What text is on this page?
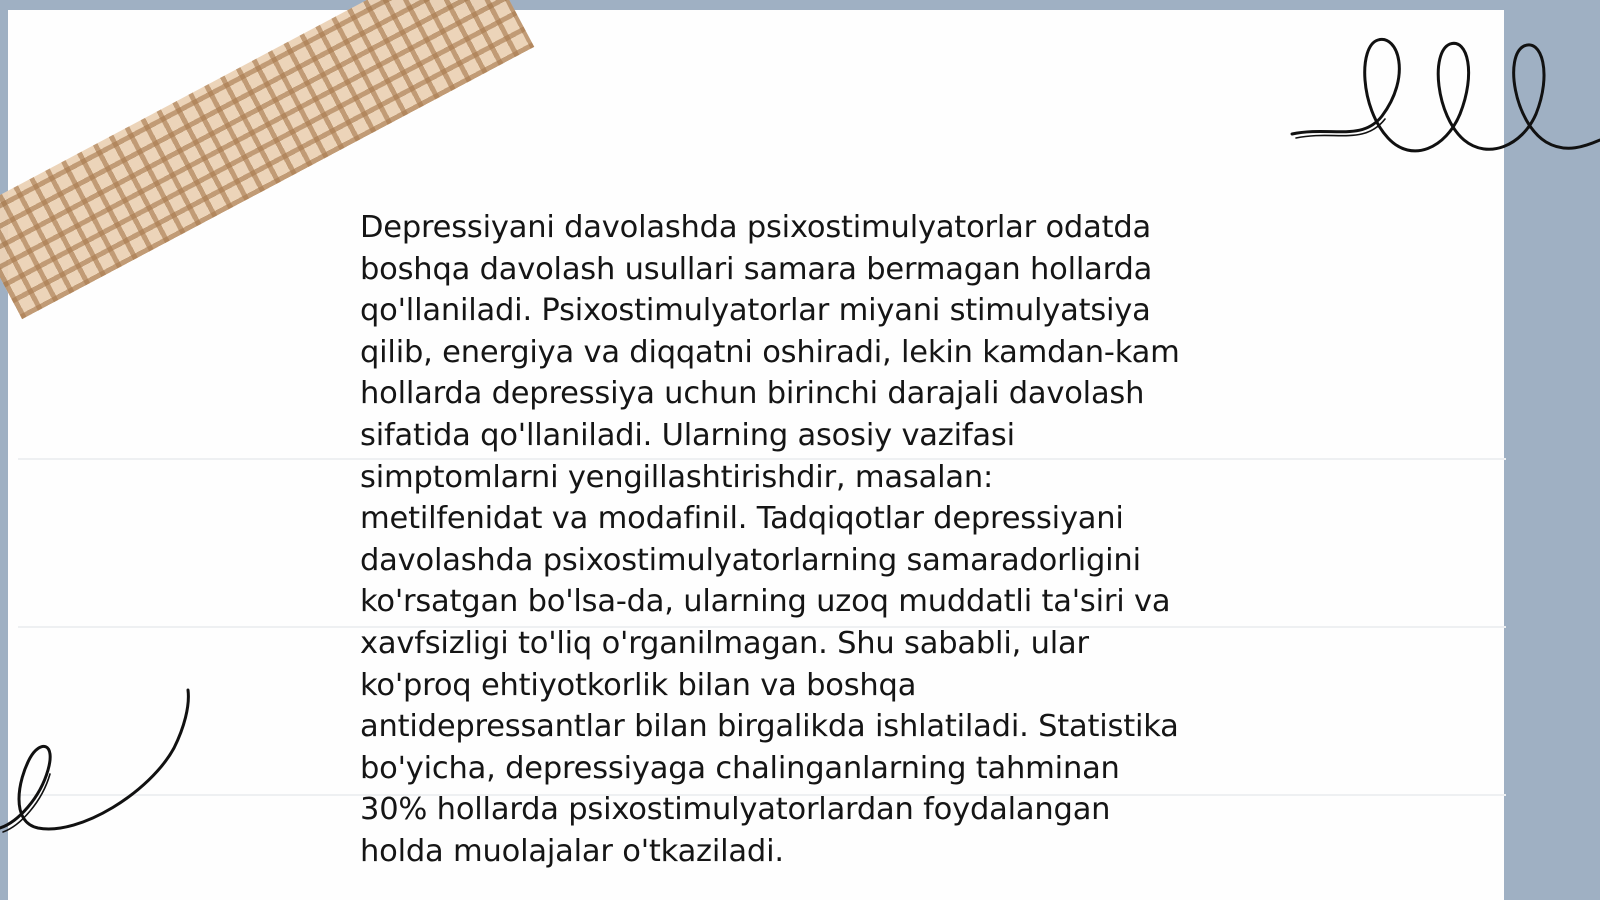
Depressiyani davolashda psixostimulyatorlar odatda
boshqa davolash usullari samara bermagan hollarda
qo'llaniladi. Psixostimulyatorlar miyani stimulyatsiya
qilib, energiya va diqqatni oshiradi, lekin kamdan-kam
hollarda depressiya uchun birinchi darajali davolash
sifatida qo'llaniladi. Ularning asosiy vazifasi
simptomlarni yengillashtirishdir, masalan:
metilfenidat va modafinil. Tadqiqotlar depressiyani
davolashda psixostimulyatorlarning samaradorligini
ko'rsatgan bo'lsa-da, ularning uzoq muddatli ta'siri va
xavfsizligi to'liq o'rganilmagan. Shu sababli, ular
ko'proq ehtiyotkorlik bilan va boshqa
antidepressantlar bilan birgalikda ishlatiladi. Statistika
bo'yicha, depressiyaga chalinganlarning tahminan
30% hollarda psixostimulyatorlardan foydalangan
holda muolajalar o'tkaziladi.
